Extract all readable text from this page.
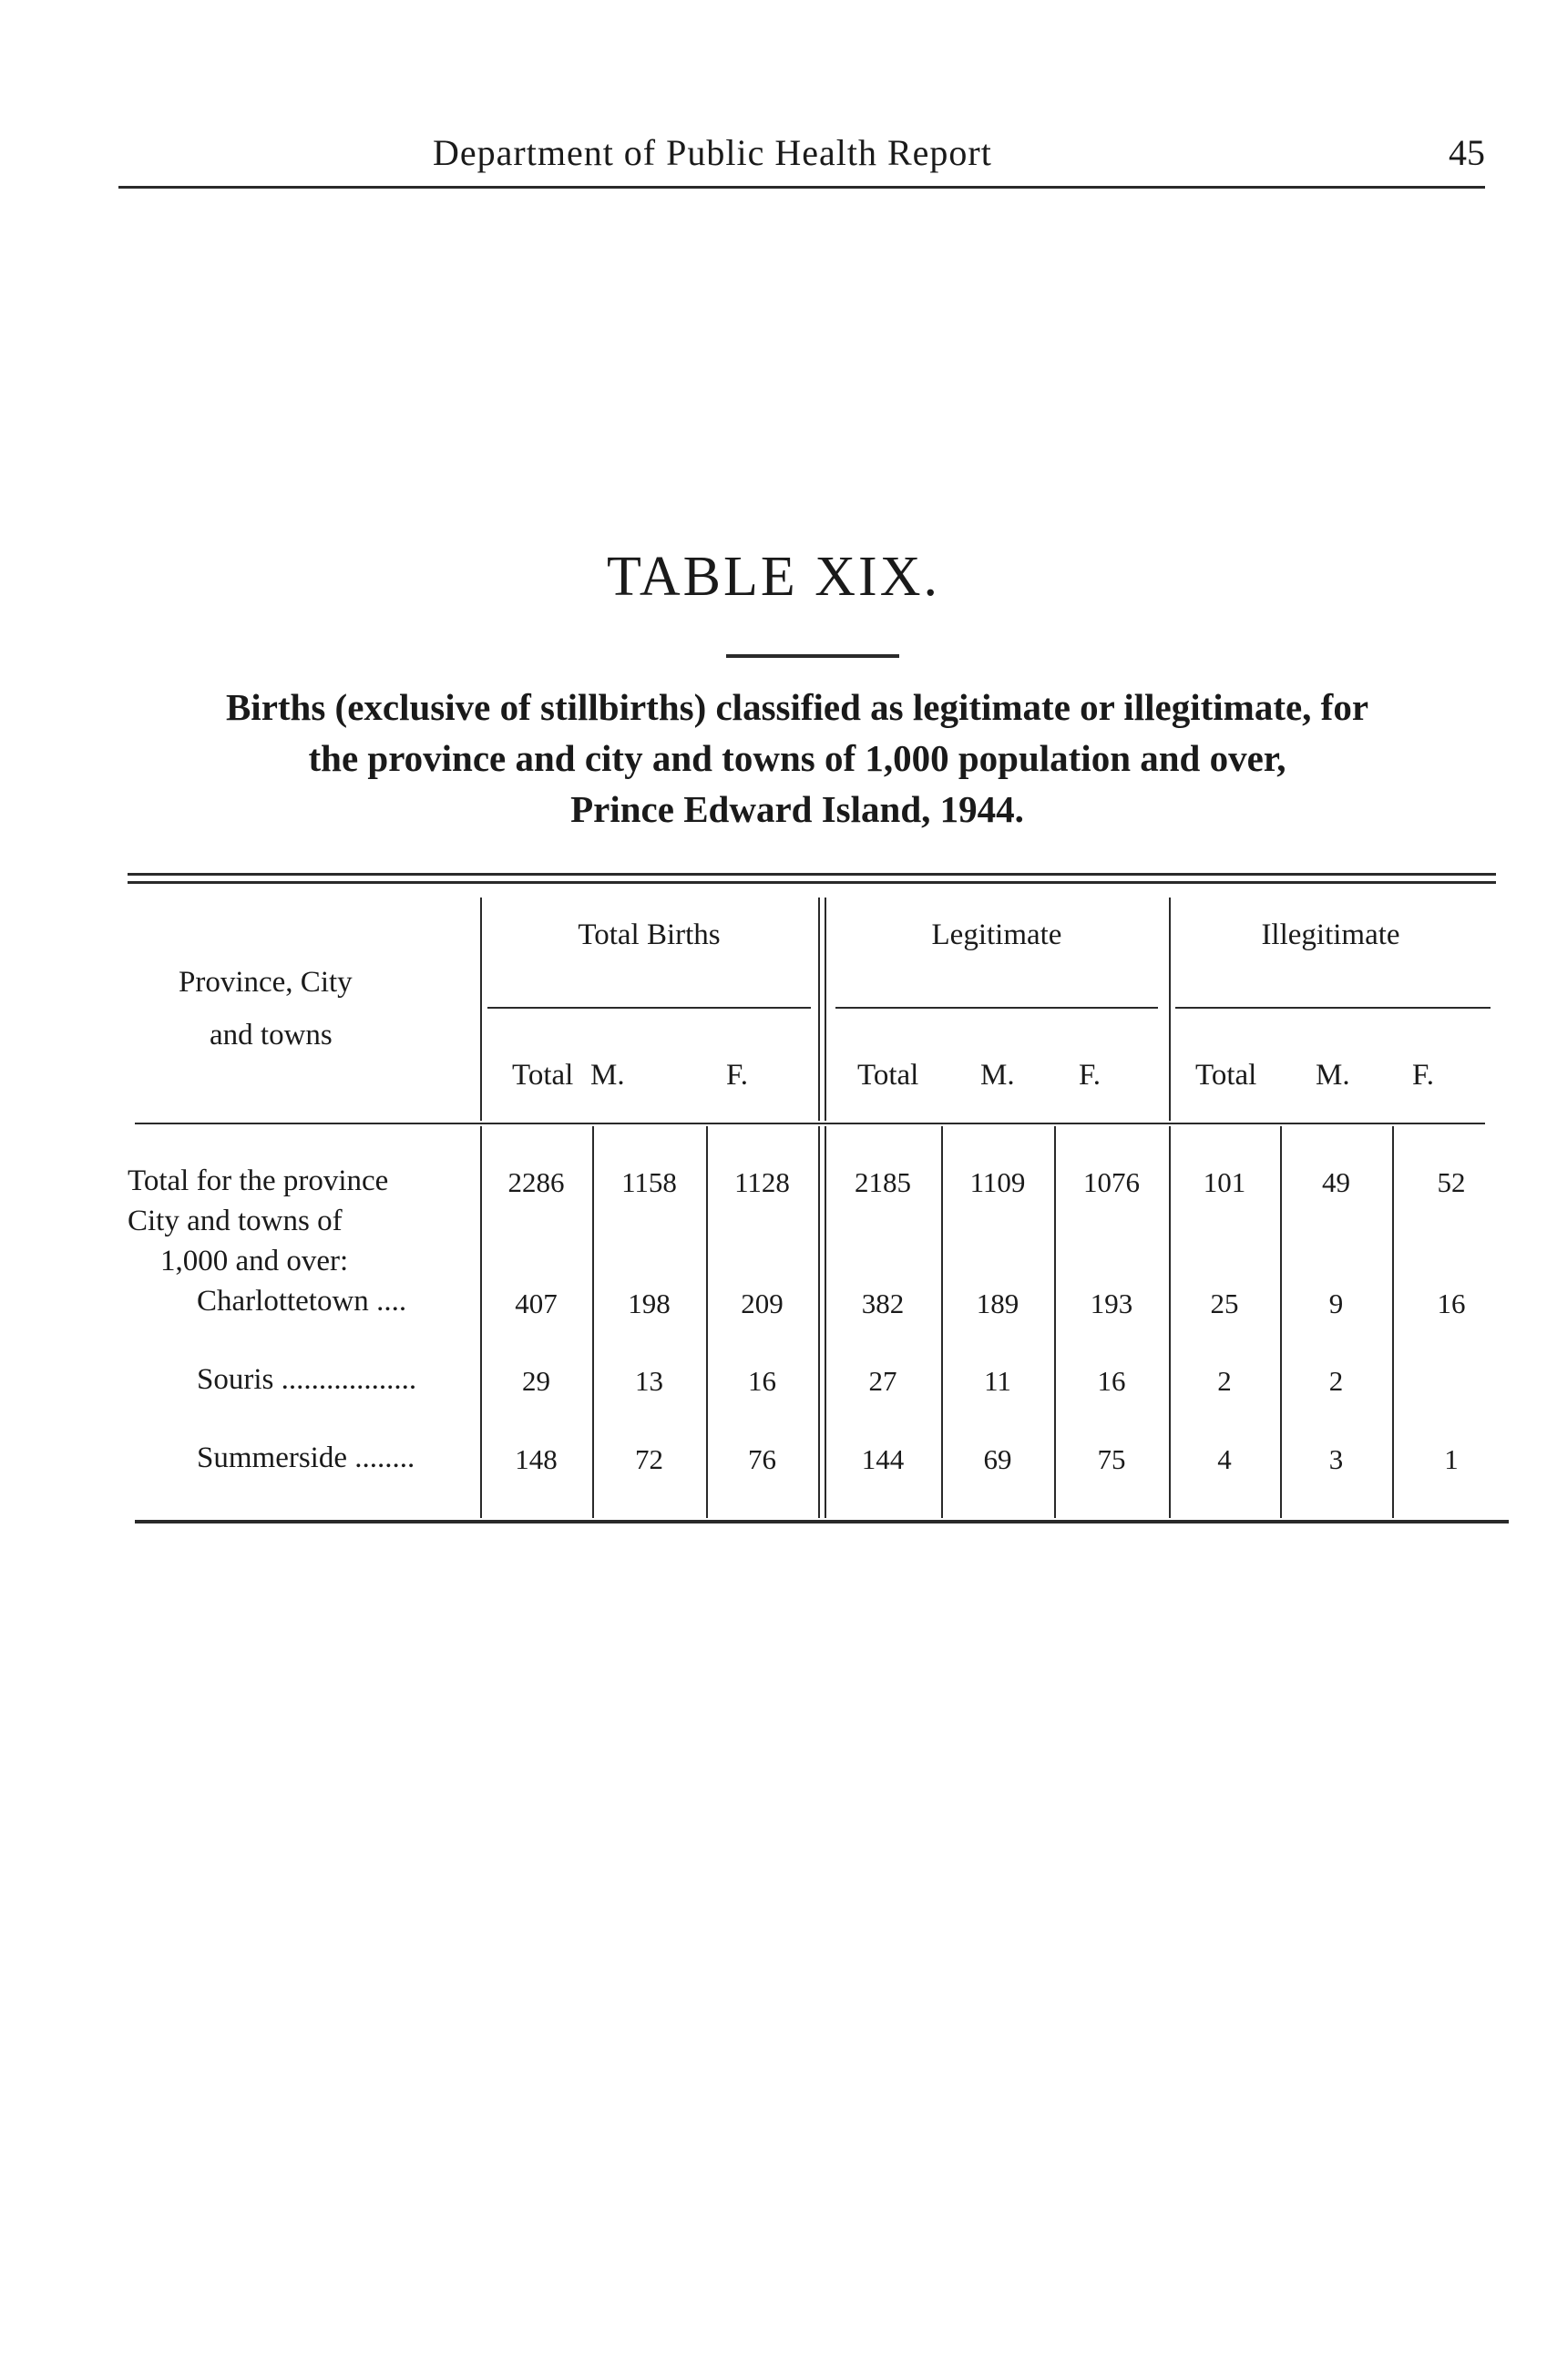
Department of Public Health Report	45
TABLE XIX.
Births (exclusive of stillbirths) classified as legitimate or illegitimate, for
the province and city and towns of 1,000 population and over,
Prince Edward Island, 1944.
Province, City
and towns
Total Births	Legitimate	Illegitimate
Total M.	F.	Total M. F.	Total M. F.
Total for the province	2286	1158	1128	2185	1109	1076	101	49	52
City and towns of
1,000 and over:
Charlottetown ....	407	198	209	382	189	193	25	9	16
Souris ..................	29	13	16	27	11	16	2	2
Summerside ........	148	72	76	144	69	75	4	3	1
